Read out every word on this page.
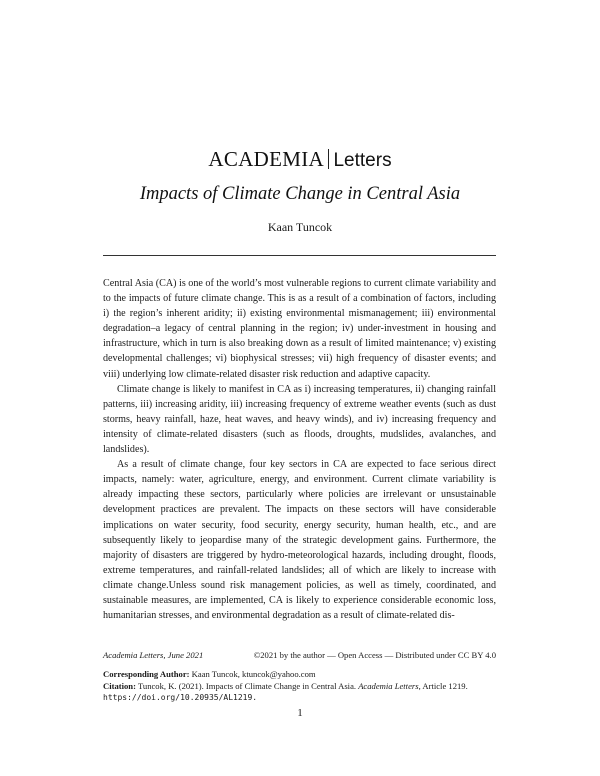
ACADEMIA Letters
Impacts of Climate Change in Central Asia
Kaan Tuncok

Central Asia (CA) is one of the world’s most vulnerable regions to current climate variability and to the impacts of future climate change. This is as a result of a combination of factors, including i) the region’s inherent aridity; ii) existing environmental mismanagement; iii) environmental degradation–a legacy of central planning in the region; iv) under-investment in housing and infrastructure, which in turn is also breaking down as a result of limited maintenance; v) existing developmental challenges; vi) biophysical stresses; vii) high frequency of disaster events; and viii) underlying low climate-related disaster risk reduction and adaptive capacity.

Climate change is likely to manifest in CA as i) increasing temperatures, ii) changing rainfall patterns, iii) increasing aridity, iii) increasing frequency of extreme weather events (such as dust storms, heavy rainfall, haze, heat waves, and heavy winds), and iv) increasing frequency and intensity of climate-related disasters (such as floods, droughts, mudslides, avalanches, and landslides).

As a result of climate change, four key sectors in CA are expected to face serious direct impacts, namely: water, agriculture, energy, and environment. Current climate variability is already impacting these sectors, particularly where policies are irrelevant or unsustainable development practices are prevalent. The impacts on these sectors will have considerable implications on water security, food security, energy security, human health, etc., and are subsequently likely to jeopardise many of the strategic development gains. Furthermore, the majority of disasters are triggered by hydro-meteorological hazards, including drought, floods, extreme temperatures, and rainfall-related landslides; all of which are likely to increase with climate change.Unless sound risk management policies, as well as timely, coordinated, and sustainable measures, are implemented, CA is likely to experience considerable economic loss, humanitarian stresses, and environmental degradation as a result of climate-related dis-

Academia Letters, June 2021	©2021 by the author — Open Access — Distributed under CC BY 4.0
Corresponding Author: Kaan Tuncok, ktuncok@yahoo.com
Citation: Tuncok, K. (2021). Impacts of Climate Change in Central Asia. Academia Letters, Article 1219.
https://doi.org/10.20935/AL1219.
1
